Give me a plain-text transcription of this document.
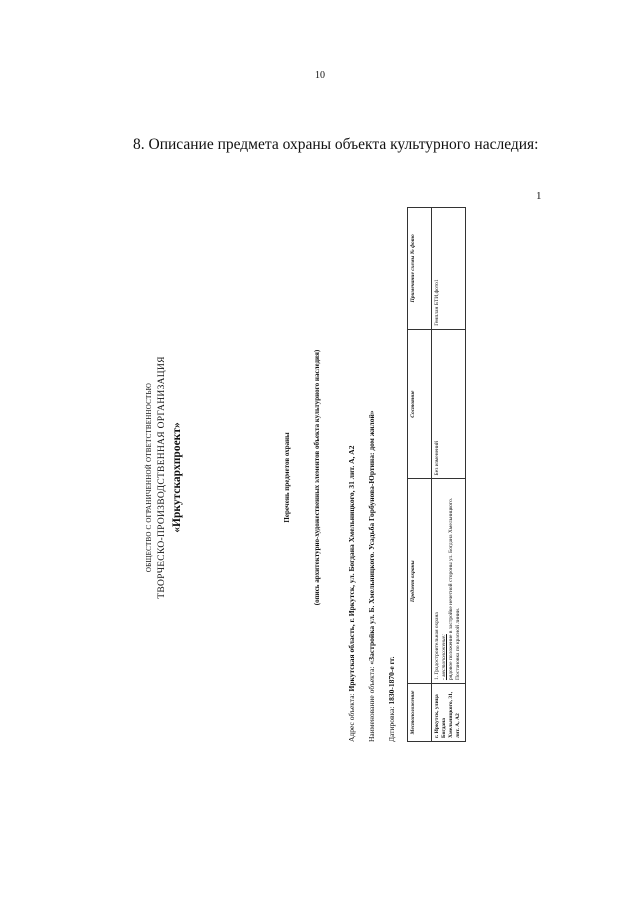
10
8. Описание предмета охраны объекта культурного наследия:
1
ОБЩЕСТВО С ОГРАНИЧЕННОЙ ОТВЕТСТВЕННОСТЬЮ ТВОРЧЕСКО-ПРОИЗВОДСТВЕННАЯ ОРГАНИЗАЦИЯ «Иркутскархпроект»	Перечень предметов охраны	(опись архитектурно-художественных элементов объекта культурного наследия)
Адрес объекта: Иркутская область, г. Иркутск, ул. Богдана Хмельницкого, 31 лит. А, А2
Наименование объекта: «Застройка ул. Б. Хмельницкого. Усадьба Горбунова-Юртина: дом жилой»
Датировка: 1830-1870-е гг.
Местоположение	Предмет охраны	Состояние	Примечание схемы № фото
г. Иркутск, улица Богдана Хмельницкого, 31, лит. А, А2	1. Градостроительная охрана - местоположение: рядовое положение в застройке нечетной стороны ул. Богдана Хмельницкого. Постановка по красной линии.	Без изменений	Генплан БТИ,фото1
